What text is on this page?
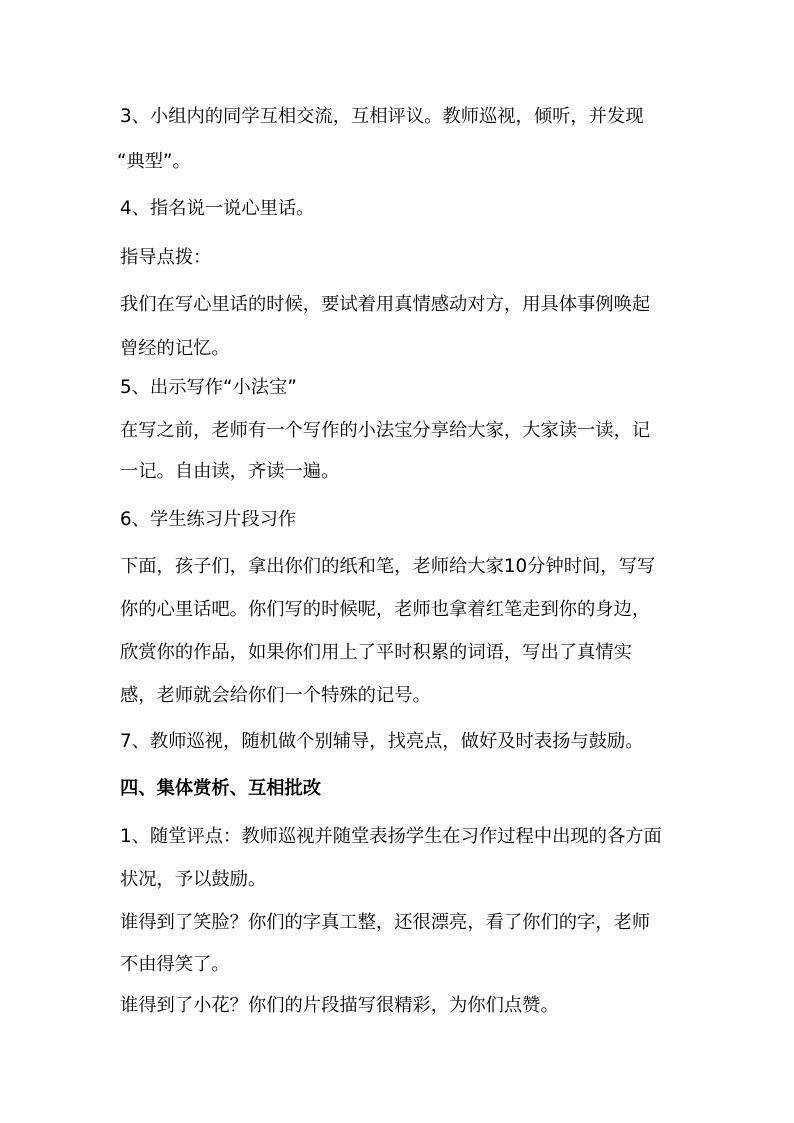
3、小组内的同学互相交流，互相评议。教师巡视，倾听，并发现

“典型”。

4、指名说一说心里话。

指导点拨：

我们在写心里话的时候，要试着用真情感动对方，用具体事例唤起

曾经的记忆。

5、出示写作“小法宝”

在写之前，老师有一个写作的小法宝分享给大家，大家读一读，记

一记。自由读，齐读一遍。

6、学生练习片段习作

下面，孩子们，拿出你们的纸和笔，老师给大家10分钟时间，写写

你的心里话吧。你们写的时候呢，老师也拿着红笔走到你的身边，

欣赏你的作品，如果你们用上了平时积累的词语，写出了真情实

感，老师就会给你们一个特殊的记号。

7、教师巡视，随机做个别辅导，找亮点，做好及时表扬与鼓励。

四、集体赏析、互相批改

1、随堂评点：教师巡视并随堂表扬学生在习作过程中出现的各方面

状况，予以鼓励。

谁得到了笑脸？你们的字真工整，还很漂亮，看了你们的字，老师

不由得笑了。

谁得到了小花？你们的片段描写很精彩，为你们点赞。
